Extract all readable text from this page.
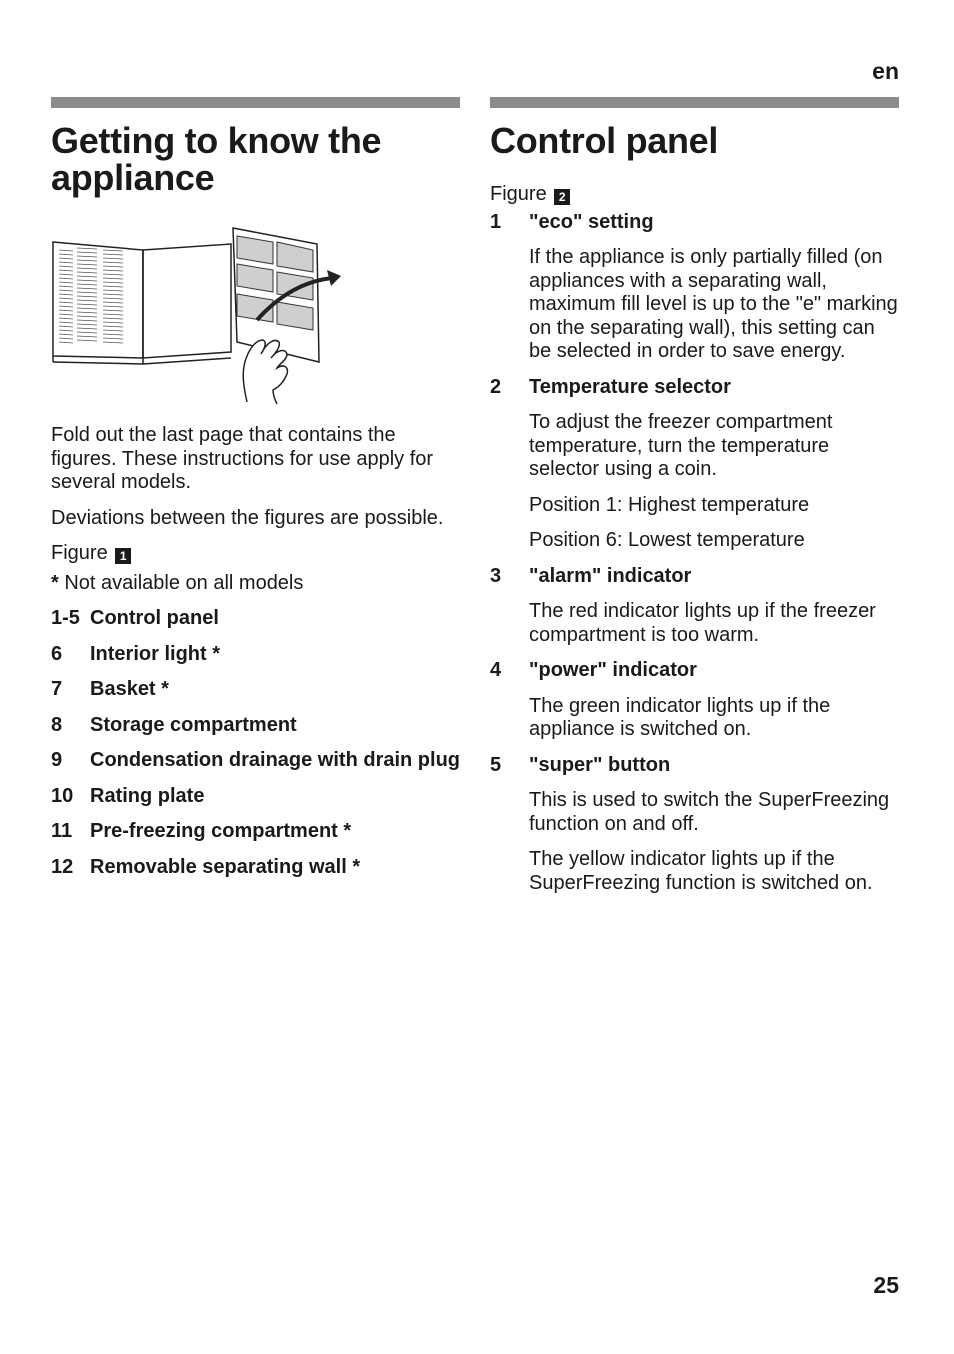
en
Getting to know the appliance

Fold out the last page that contains the figures. These instructions for use apply for several models.

Deviations between the figures are possible.

Figure 1

* Not available on all models

1-5 Control panel
6	Interior light *
7	Basket *
8	Storage compartment
9	Condensation drainage with drain plug
10 Rating plate
11 Pre-freezing compartment *
12 Removable separating wall *
Control panel

Figure 2

1	"eco" setting

If the appliance is only partially filled (on appliances with a separating wall, maximum fill level is up to the "e" marking on the separating wall), this setting can be selected in order to save energy.

2	Temperature selector

To adjust the freezer compartment temperature, turn the temperature selector using a coin.

Position 1: Highest temperature

Position 6: Lowest temperature

3	"alarm" indicator

The red indicator lights up if the freezer compartment is too warm.

4	"power" indicator

The green indicator lights up if the appliance is switched on.

5	"super" button

This is used to switch the SuperFreezing function on and off.

The yellow indicator lights up if the SuperFreezing function is switched on.

25
